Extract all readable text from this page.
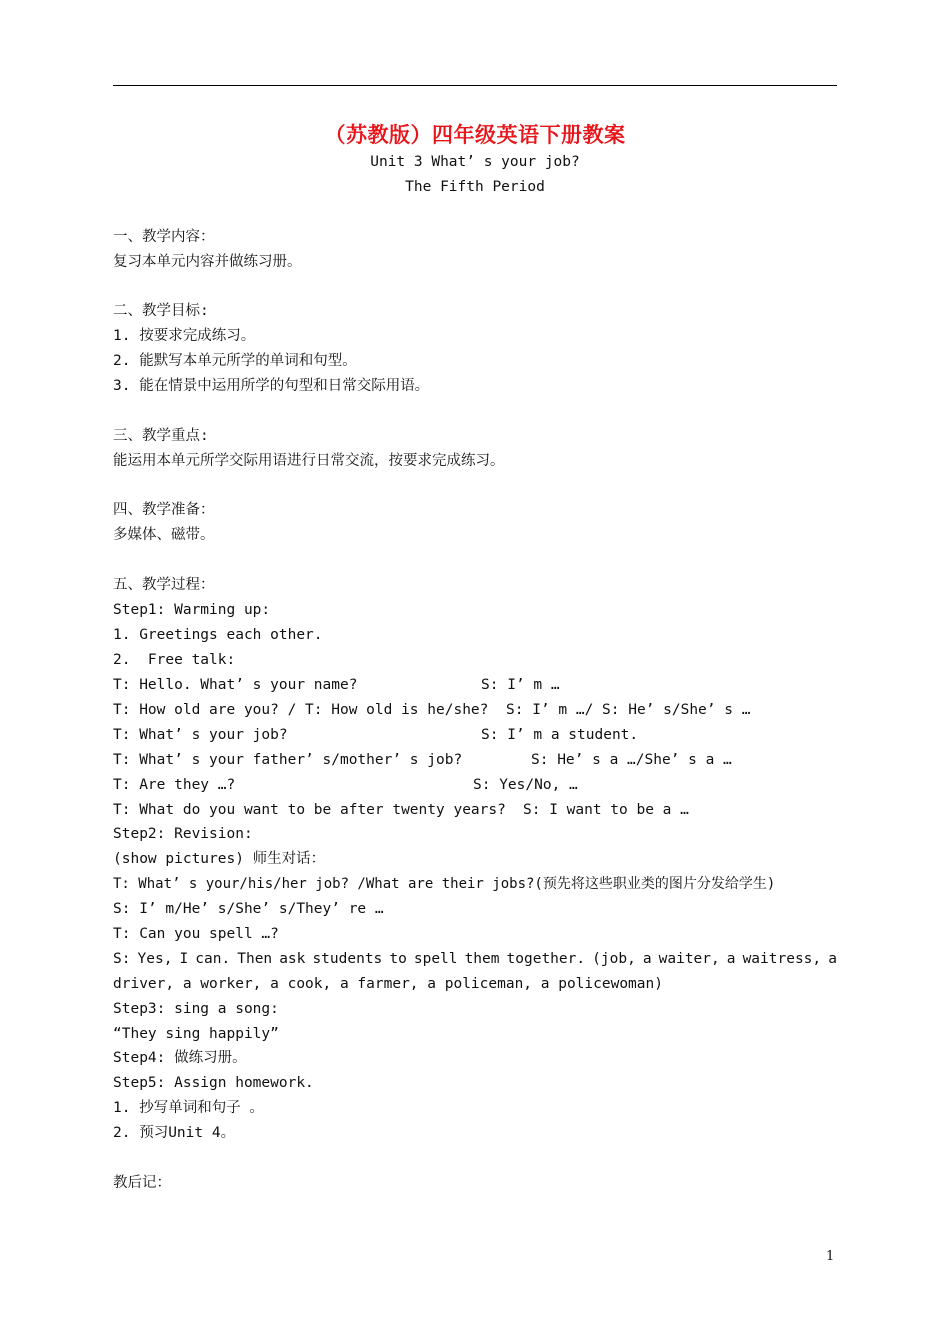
（苏教版）四年级英语下册教案
Unit 3 What’ s your job?
The Fifth Period
一、教学内容：
复习本单元内容并做练习册。
二、教学目标:
1. 按要求完成练习。
2. 能默写本单元所学的单词和句型。
3. 能在情景中运用所学的句型和日常交际用语。
三、教学重点:
能运用本单元所学交际用语进行日常交流，按要求完成练习。
四、教学准备：
多媒体、磁带。
五、教学过程：
Step1: Warming up:
1. Greetings each other.
2.  Free talk:
T: Hello. What’ s your name?	S: I’ m …
T: How old are you? / T: How old is he/she? S: I’ m …/ S: He’ s/She’ s …
T: What’ s your job?	S: I’ m a student.
T: What’ s your father’ s/mother’ s job?	S: He’ s a …/She’ s a …
T: Are they …?	S: Yes/No, …
T: What do you want to be after twenty years? S: I want to be a …
Step2: Revision:
(show pictures) 师生对话：
T: What’ s your/his/her job? /What are their jobs?(预先将这些职业类的图片分发给学生)
S: I’ m/He’ s/She’ s/They’ re …
T: Can you spell …?
S: Yes, I can. Then ask students to spell them together. (job, a waiter, a waitress, a
driver, a worker, a cook, a farmer, a policeman, a policewoman)
Step3: sing a song:
“They sing happily”
Step4: 做练习册。
Step5: Assign homework.
1. 抄写单词和句子 。
2. 预习Unit 4。
教后记：
1
